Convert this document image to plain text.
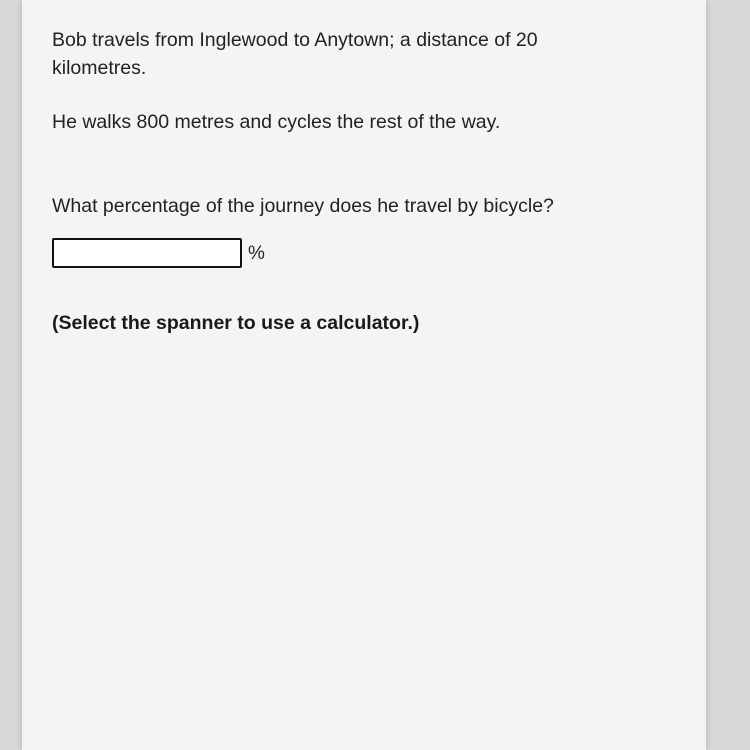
Bob travels from Inglewood to Anytown; a distance of 20 kilometres.

He walks 800 metres and cycles the rest of the way.

What percentage of the journey does he travel by bicycle?

%

(Select the spanner to use a calculator.)
